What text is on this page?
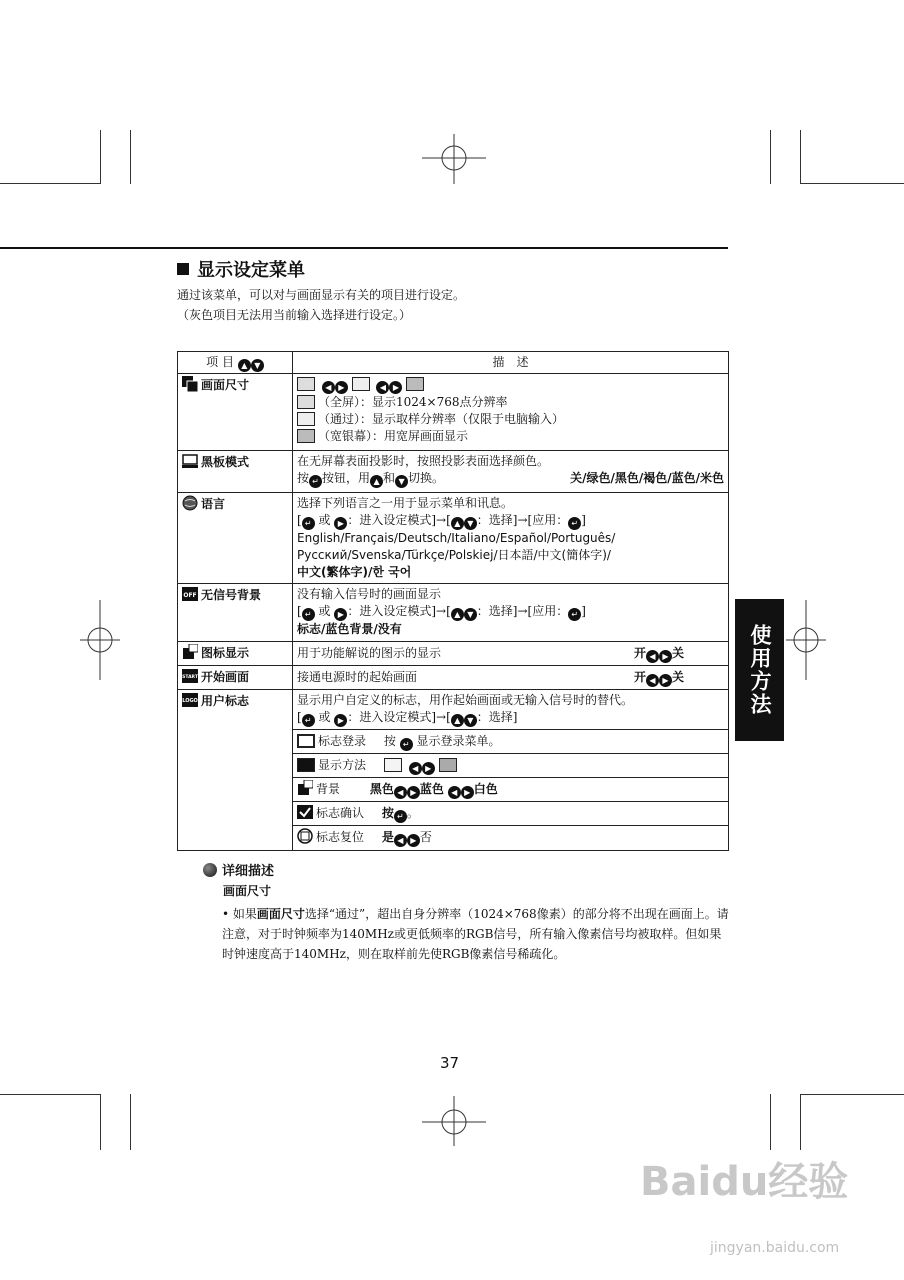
显示设定菜单
通过该菜单，可以对与画面显示有关的项目进行设定。
（灰色项目无法用当前输入选择进行设定。）
项 目 ▲ ▼	描　述
画面尺寸	◀ ▶	◀ ▶
（全屏）：显示1024×768点分辨率
（通过）：显示取样分辨率（仅限于电脑输入）
（宽银幕）：用宽屏画面显示

黑板模式	在无屏幕表面投影时，按照投影表面选择颜色。
按 ↵ 按钮，用 ▲ 和 ▼ 切换。	关/绿色/黑色/褐色/蓝色/米色

语言	选择下列语言之一用于显示菜单和讯息。
[ ↵ 或 ▶ ：进入设定模式]→[ ▲ ▼ ：选择]→[应用： ↵ ]
English/Français/Deutsch/Italiano/Español/Português/
Русский/Svenska/Türkçe/Polskiej/日本語/中文(簡体字)/
中文(繁体字)/한 국어

OFF 无信号背景	没有输入信号时的画面显示
[ ↵ 或 ▶ ：进入设定模式]→[ ▲ ▼ ：选择]→[应用： ↵ ]
标志/蓝色背景/没有

图标显示	用于功能解说的图示的显示	开 ◀ ▶ 关

START 开始画面	接通电源时的起始画面	开 ◀ ▶ 关

LOGO 用户标志	显示用户自定义的标志，用作起始画面或无输入信号时的替代。
[ ↵ 或 ▶ ：进入设定模式]→[ ▲ ▼ ：选择]
标志登录 按 ↵ 显示登录菜单。
显示方法	◀ ▶
背景 黑色 ◀ ▶ 蓝色 ◀ ▶ 白色
标志确认 按 ↵ 。
标志复位 是 ◀ ▶ 否
使用方法
详细描述
画面尺寸
• 如果画面尺寸选择“通过”，超出自身分辨率（1024×768像素）的部分将不出现在画面上。请注意，对于时钟频率为140MHz或更低频率的RGB信号，所有输入像素信号均被取样。但如果时钟速度高于140MHz，则在取样前先使RGB像素信号稀疏化。
37
Baidu经验
jingyan.baidu.com
